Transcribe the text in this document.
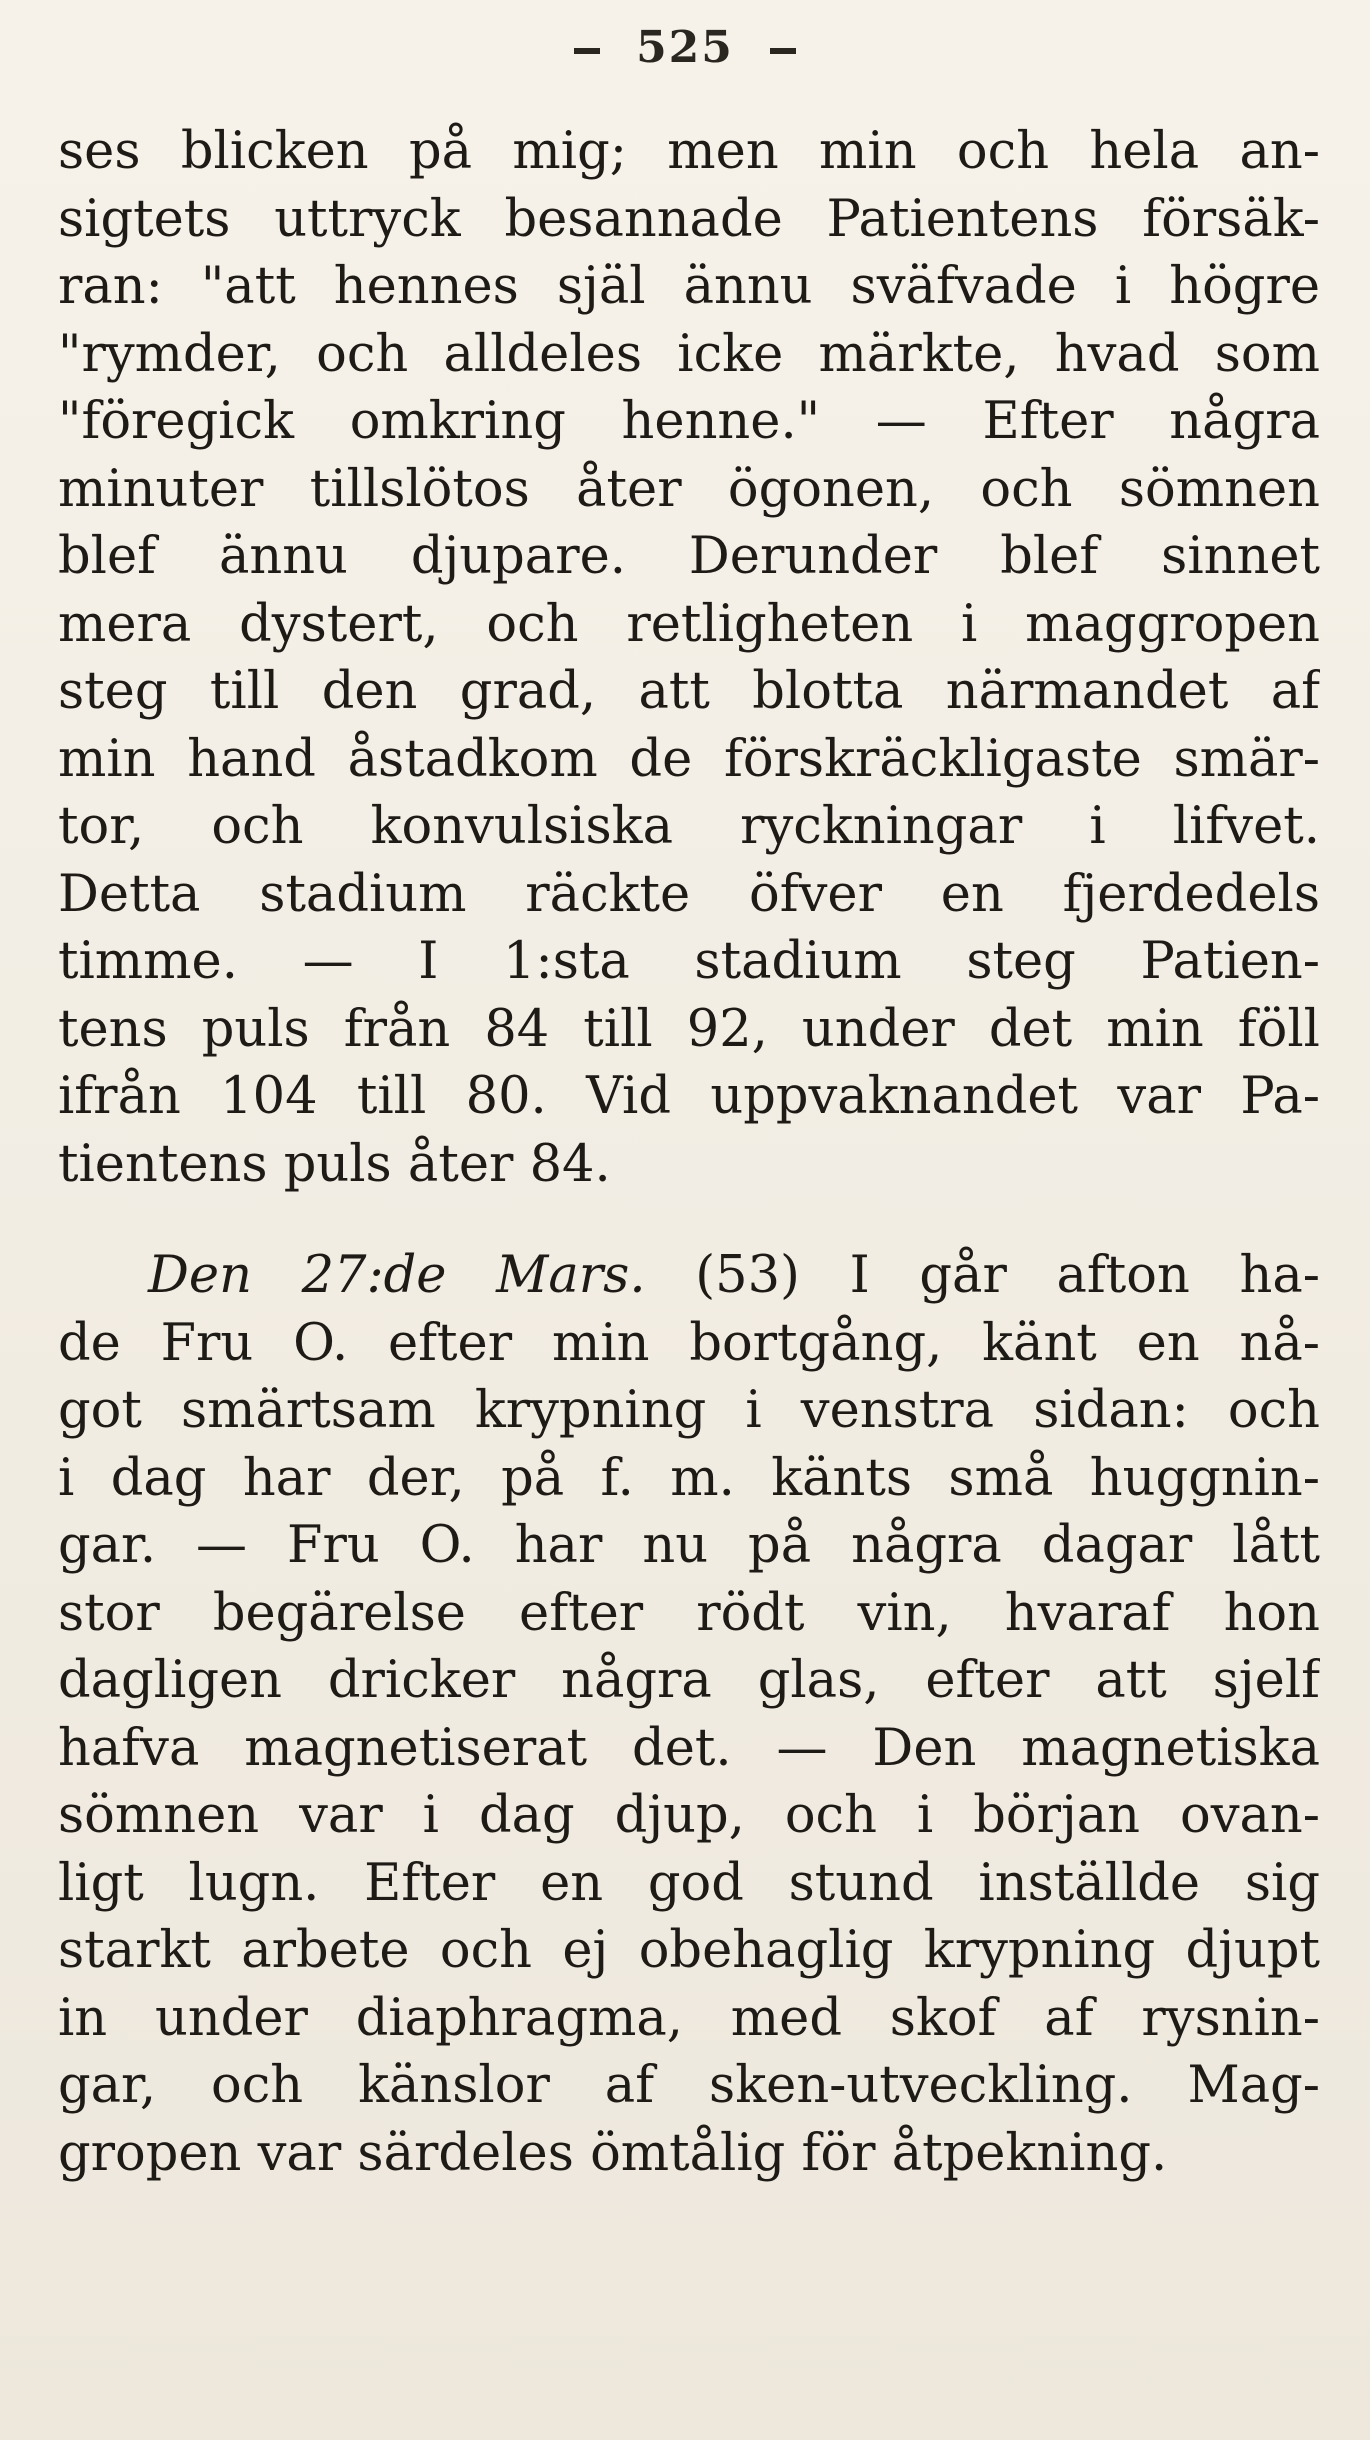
525
ses blicken på mig; men min och hela an-
sigtets uttryck besannade Patientens försäk-
ran: "att hennes själ ännu sväfvade i högre
"rymder, och alldeles icke märkte, hvad som
"föregick omkring henne." — Efter några
minuter tillslötos åter ögonen, och sömnen
blef ännu djupare. Derunder blef sinnet
mera dystert, och retligheten i maggropen
steg till den grad, att blotta närmandet af
min hand åstadkom de förskräckligaste smär-
tor, och konvulsiska ryckningar i lifvet.
Detta stadium räckte öfver en fjerdedels
timme. — I 1:sta stadium steg Patien-
tens puls från 84 till 92, under det min föll
ifrån 104 till 80. Vid uppvaknandet var Pa-
tientens puls åter 84.
Den 27:de Mars. (53) I går afton ha-
de Fru O. efter min bortgång, känt en nå-
got smärtsam krypning i venstra sidan: och
i dag har der, på f. m. känts små huggnin-
gar. — Fru O. har nu på några dagar lått
stor begärelse efter rödt vin, hvaraf hon
dagligen dricker några glas, efter att sjelf
hafva magnetiserat det. — Den magnetiska
sömnen var i dag djup, och i början ovan-
ligt lugn. Efter en god stund inställde sig
starkt arbete och ej obehaglig krypning djupt
in under diaphragma, med skof af rysnin-
gar, och känslor af sken-utveckling. Mag-
gropen var särdeles ömtålig för åtpekning.
